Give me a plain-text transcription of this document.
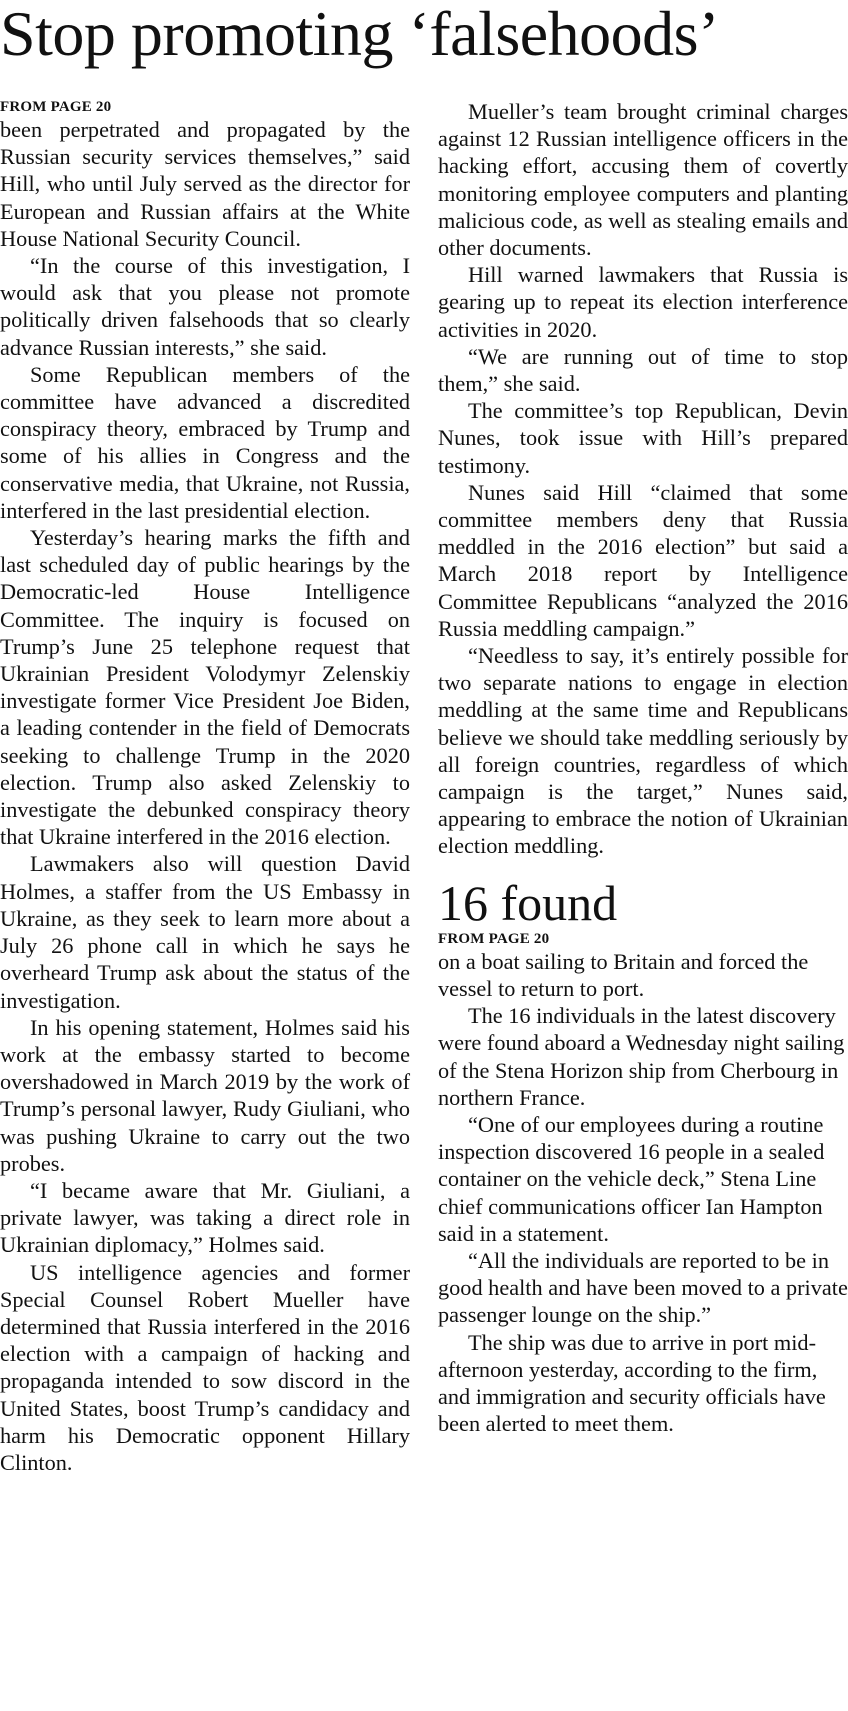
Stop promoting ‘falsehoods’
FROM PAGE 20

been perpetrated and propagated by the Russian security services themselves,” said Hill, who until July served as the director for European and Russian affairs at the White House National Security Council.

“In the course of this investigation, I would ask that you please not promote politically driven falsehoods that so clearly advance Russian interests,” she said.

Some Republican members of the committee have advanced a discredited conspiracy theory, embraced by Trump and some of his allies in Congress and the conservative media, that Ukraine, not Russia, interfered in the last presidential election.

Yesterday’s hearing marks the fifth and last scheduled day of public hearings by the Democratic-led House Intelligence Committee. The inquiry is focused on Trump’s June 25 telephone request that Ukrainian President Volodymyr Zelenskiy investigate former Vice President Joe Biden, a leading contender in the field of Democrats seeking to challenge Trump in the 2020 election. Trump also asked Zelenskiy to investigate the debunked conspiracy theory that Ukraine interfered in the 2016 election.

Lawmakers also will question David Holmes, a staffer from the US Embassy in Ukraine, as they seek to learn more about a July 26 phone call in which he says he overheard Trump ask about the status of the investigation.

In his opening statement, Holmes said his work at the embassy started to become overshadowed in March 2019 by the work of Trump’s personal lawyer, Rudy Giuliani, who was pushing Ukraine to carry out the two probes.

“I became aware that Mr. Giuliani, a private lawyer, was taking a direct role in Ukrainian diplomacy,” Holmes said.

US intelligence agencies and former Special Counsel Robert Mueller have determined that Russia interfered in the 2016 election with a campaign of hacking and propaganda intended to sow discord in the United States, boost Trump’s candidacy and harm his Democratic opponent Hillary Clinton.

Mueller’s team brought criminal charges against 12 Russian intelligence officers in the hacking effort, accusing them of covertly monitoring employee computers and planting malicious code, as well as stealing emails and other documents.

Hill warned lawmakers that Russia is gearing up to repeat its election interference activities in 2020.

“We are running out of time to stop them,” she said.

The committee’s top Republican, Devin Nunes, took issue with Hill’s prepared testimony.

Nunes said Hill “claimed that some committee members deny that Russia meddled in the 2016 election” but said a March 2018 report by Intelligence Committee Republicans “analyzed the 2016 Russia meddling campaign.”

“Needless to say, it’s entirely possible for two separate nations to engage in election meddling at the same time and Republicans believe we should take meddling seriously by all foreign countries, regardless of which campaign is the target,” Nunes said, appearing to embrace the notion of Ukrainian election meddling.

16 found
FROM PAGE 20

on a boat sailing to Britain and forced the vessel to return to port.

The 16 individuals in the latest discovery were found aboard a Wednesday night sailing of the Stena Horizon ship from Cherbourg in northern France.

“One of our employees during a routine inspection discovered 16 people in a sealed container on the vehicle deck,” Stena Line chief communications officer Ian Hampton said in a statement.

“All the individuals are reported to be in good health and have been moved to a private passenger lounge on the ship.”

The ship was due to arrive in port mid-afternoon yesterday, according to the firm, and immigration and security officials have been alerted to meet them.
